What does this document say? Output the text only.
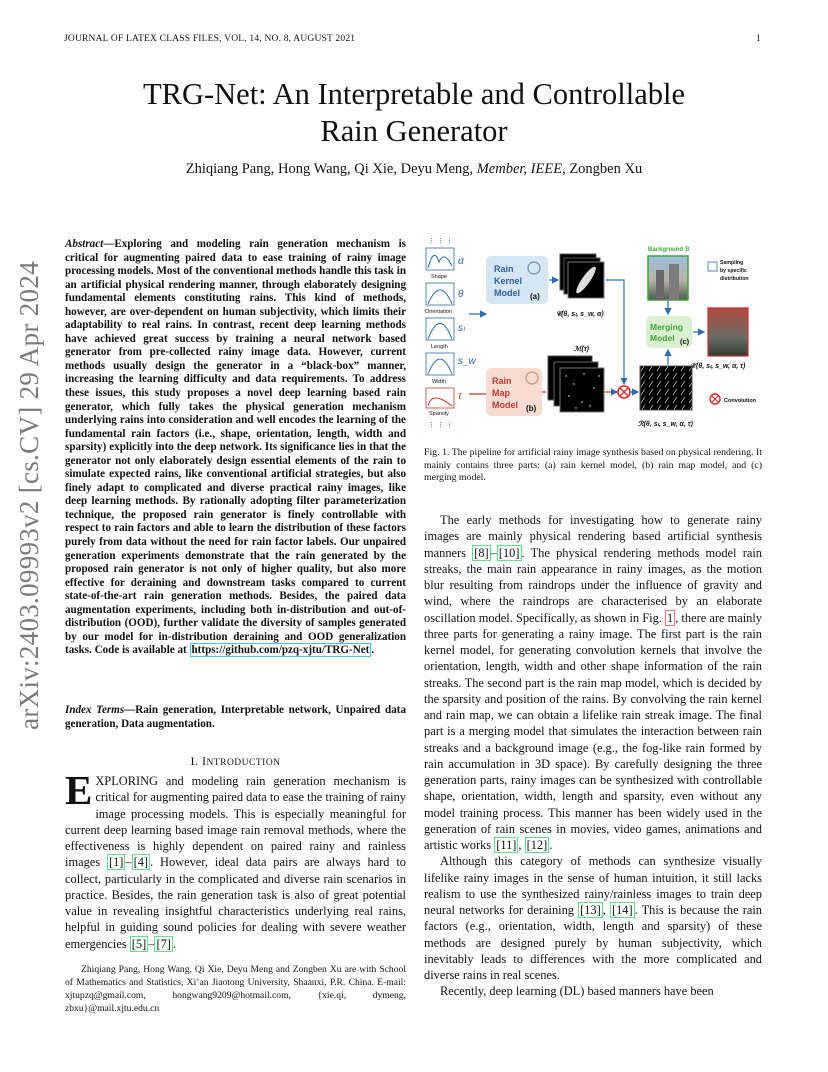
JOURNAL OF LATEX CLASS FILES, VOL. 14, NO. 8, AUGUST 2021	1
TRG-Net: An Interpretable and Controllable
Rain Generator
Zhiqiang Pang, Hong Wang, Qi Xie, Deyu Meng, Member, IEEE, Zongben Xu
arXiv:2403.09993v2 [cs.CV] 29 Apr 2024
Abstract—Exploring and modeling rain generation mechanism is critical for augmenting paired data to ease training of rainy image processing models. Most of the conventional methods handle this task in an artificial physical rendering manner, through elaborately designing fundamental elements constituting rains. This kind of methods, however, are over-dependent on human subjectivity, which limits their adaptability to real rains. In contrast, recent deep learning methods have achieved great success by training a neural network based generator from pre-collected rainy image data. However, current methods usually design the generator in a “black-box” manner, increasing the learning difficulty and data requirements. To address these issues, this study proposes a novel deep learning based rain generator, which fully takes the physical generation mechanism underlying rains into consideration and well encodes the learning of the fundamental rain factors (i.e., shape, orientation, length, width and sparsity) explicitly into the deep network. Its significance lies in that the generator not only elaborately design essential elements of the rain to simulate expected rains, like conventional artificial strategies, but also finely adapt to complicated and diverse practical rainy images, like deep learning methods. By rationally adopting filter parameterization technique, the proposed rain generator is finely controllable with respect to rain factors and able to learn the distribution of these factors purely from data without the need for rain factor labels. Our unpaired generation experiments demonstrate that the rain generated by the proposed rain generator is not only of higher quality, but also more effective for deraining and downstream tasks compared to current state-of-the-art rain generation methods. Besides, the paired data augmentation experiments, including both in-distribution and out-of-distribution (OOD), further validate the diversity of samples generated by our model for in-distribution deraining and OOD generalization tasks. Code is available at https://github.com/pzq-xjtu/TRG-Net .
Index Terms—Rain generation, Interpretable network, Unpaired data generation, Data augmentation.
I. INTRODUCTION
EXPLORING and modeling rain generation mechanism is critical for augmenting paired data to ease the training of rainy image processing models. This is especially meaningful for current deep learning based image rain removal methods, where the effectiveness is highly dependent on paired rainy and rainless images [1] – [4] . However, ideal data pairs are always hard to collect, particularly in the complicated and diverse rain scenarios in practice. Besides, the rain generation task is also of great potential value in revealing insightful characteristics underlying real rains, helpful in guiding sound policies for dealing with severe weather emergencies [5] – [7] .

Zhiqiang Pang, Hong Wang, Qi Xie, Deyu Meng and Zongben Xu are with School of Mathematics and Statistics, Xi’an Jiaotong University, Shaanxi, P.R. China. E-mail: xjtupzq@gmail.com, hongwang9209@hotmail.com, {xie.qi, dymeng, zbxu}@mail.xjtu.edu.cn

⋮ ⋮ ⋮
Shape
α
Orientation
θ
Length
sₗ
Width
s_w
Sparsity
τ
⋮ ⋮ ⋮
Rain
Kernel
Model (a)
𝒞(θ, sₗ, s_w, α)
Rain
Map
Model (b)
ℳ(τ)
ℛ(θ, sₗ, s_w, α, τ)
Background ℬ
Merging
Model (c)
𝒳(θ, sₗ, s_w, α, τ)
Sampling
by specific
distribution
Convolution
Fig. 1. The pipeline for artificial rainy image synthesis based on physical rendering. It mainly contains three parts: (a) rain kernel model, (b) rain map model, and (c) merging model.

The early methods for investigating how to generate rainy images are mainly physical rendering based artificial synthesis manners [8] – [10] . The physical rendering methods model rain streaks, the main rain appearance in rainy images, as the motion blur resulting from raindrops under the influence of gravity and wind, where the raindrops are characterised by an elaborate oscillation model. Specifically, as shown in Fig. 1 , there are mainly three parts for generating a rainy image. The first part is the rain kernel model, for generating convolution kernels that involve the orientation, length, width and other shape information of the rain streaks. The second part is the rain map model, which is decided by the sparsity and position of the rains. By convolving the rain kernel and rain map, we can obtain a lifelike rain streak image. The final part is a merging model that simulates the interaction between rain streaks and a background image (e.g., the fog-like rain formed by rain accumulation in 3D space). By carefully designing the three generation parts, rainy images can be synthesized with controllable shape, orientation, width, length and sparsity, even without any model training process. This manner has been widely used in the generation of rain scenes in movies, video games, animations and artistic works [11] , [12] .

Although this category of methods can synthesize visually lifelike rainy images in the sense of human intuition, it still lacks realism to use the synthesized rainy/rainless images to train deep neural networks for deraining [13] , [14] . This is because the rain factors (e.g., orientation, width, length and sparsity) of these methods are designed purely by human subjectivity, which inevitably leads to differences with the more complicated and diverse rains in real scenes.

Recently, deep learning (DL) based manners have been
